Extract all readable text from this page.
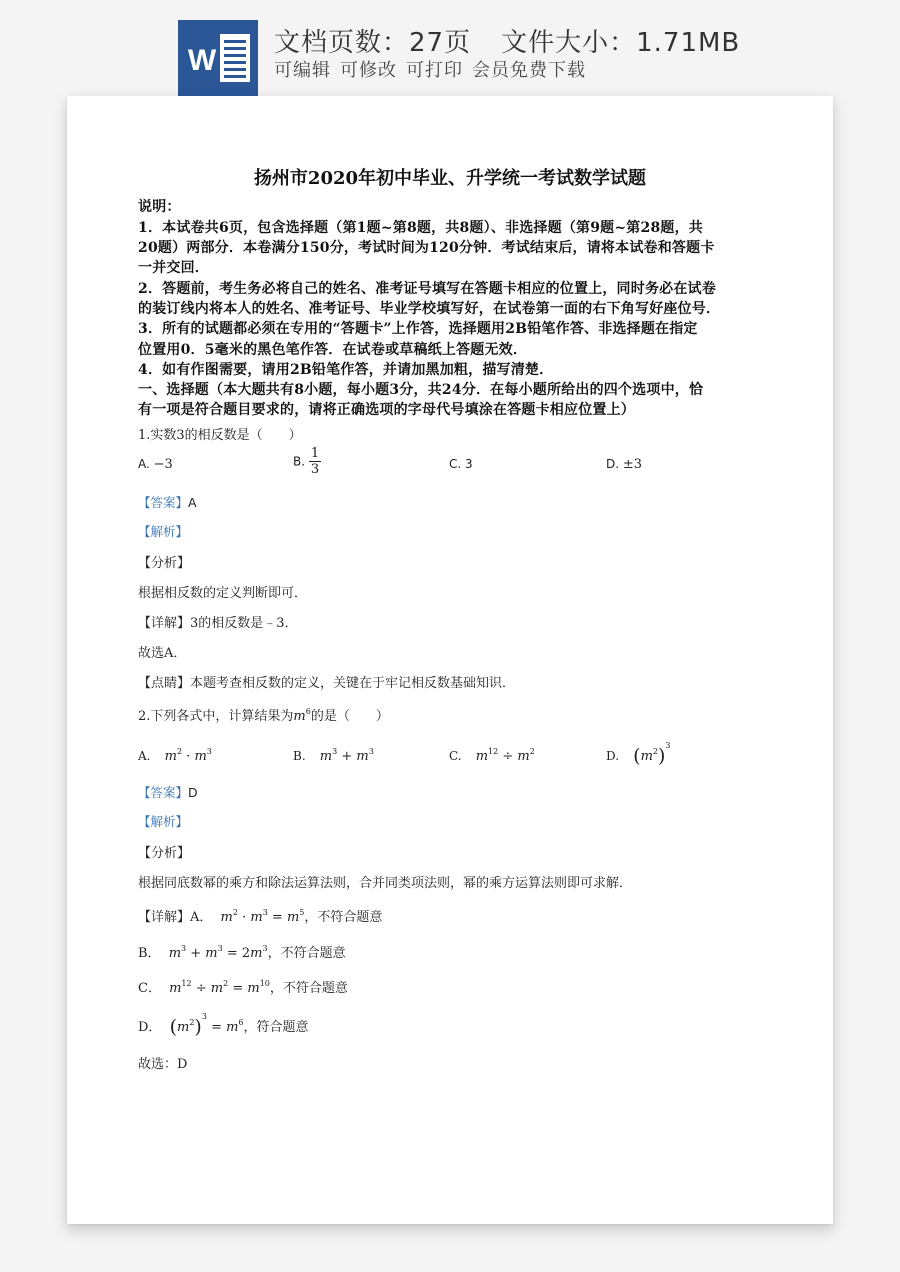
W
文档页数：27页 文件大小：1.71MB
可编辑 可修改 可打印 会员免费下载
扬州市2020年初中毕业、升学统一考试数学试题
说明：
1．本试卷共6页，包含选择题（第1题~第8题，共8题）、非选择题（第9题~第28题，共
20题）两部分．本卷满分150分，考试时间为120分钟．考试结束后，请将本试卷和答题卡
一并交回．
2．答题前，考生务必将自己的姓名、准考证号填写在答题卡相应的位置上，同时务必在试卷
的装订线内将本人的姓名、准考证号、毕业学校填写好，在试卷第一面的右下角写好座位号．
3．所有的试题都必须在专用的“答题卡”上作答，选择题用2B铅笔作答、非选择题在指定
位置用0．5毫米的黑色笔作答．在试卷或草稿纸上答题无效．
4．如有作图需要，请用2B铅笔作答，并请加黑加粗，描写清楚．
一、选择题（本大题共有8小题，每小题3分，共24分．在每小题所给出的四个选项中，恰
有一项是符合题目要求的，请将正确选项的字母代号填涂在答题卡相应位置上）
1.实数3的相反数是（　　）
A. −3	B. $\frac{1}{3}$	C. 3	D. ±3
【答案】A
【解析】
【分析】
根据相反数的定义判断即可．
【详解】3的相反数是﹣3．
故选A．
【点睛】本题考查相反数的定义，关键在于牢记相反数基础知识．
2.下列各式中，计算结果为$m^6$的是（　　）
A. $m^2 \cdot m^3$	B. $m^3 + m^3$	C. $m^{12} \div m^2$	D. $(m^2)^3$
【答案】D
【解析】
【分析】
根据同底数幂的乘方和除法运算法则，合并同类项法则，幂的乘方运算法则即可求解．
【详解】A． $m^2 \cdot m^3 = m^5$，不符合题意
B． $m^3 + m^3 = 2m^3$，不符合题意
C． $m^{12} \div m^2 = m^{10}$，不符合题意
D． $(m^2)^3 = m^6$，符合题意
故选：D
